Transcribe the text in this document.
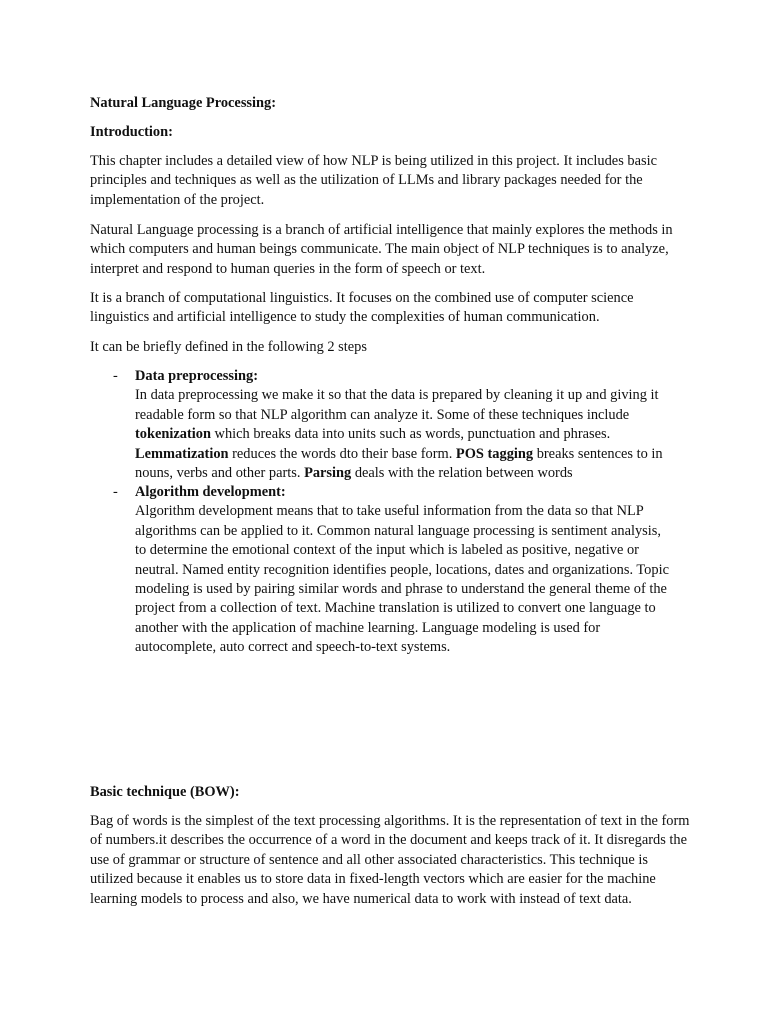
Natural Language Processing:

Introduction:

This chapter includes a detailed view of how NLP is being utilized in this project. It includes basic principles and techniques as well as the utilization of LLMs and library packages needed for the implementation of the project.

Natural Language processing is a branch of artificial intelligence that mainly explores the methods in which computers and human beings communicate. The main object of NLP techniques is to analyze, interpret and respond to human queries in the form of speech or text.

It is a branch of computational linguistics. It focuses on the combined use of computer science linguistics and artificial intelligence to study the complexities of human communication.

It can be briefly defined in the following 2 steps

- Data preprocessing:
In data preprocessing we make it so that the data is prepared by cleaning it up and giving it readable form so that NLP algorithm can analyze it. Some of these techniques include tokenization which breaks data into units such as words, punctuation and phrases. Lemmatization reduces the words dto their base form. POS tagging breaks sentences to in nouns, verbs and other parts. Parsing deals with the relation between words
- Algorithm development:
Algorithm development means that to take useful information from the data so that NLP algorithms can be applied to it. Common natural language processing is sentiment analysis, to determine the emotional context of the input which is labeled as positive, negative or neutral. Named entity recognition identifies people, locations, dates and organizations. Topic modeling is used by pairing similar words and phrase to understand the general theme of the project from a collection of text. Machine translation is utilized to convert one language to another with the application of machine learning. Language modeling is used for autocomplete, auto correct and speech-to-text systems.

Basic technique (BOW):

Bag of words is the simplest of the text processing algorithms. It is the representation of text in the form of numbers.it describes the occurrence of a word in the document and keeps track of it. It disregards the use of grammar or structure of sentence and all other associated characteristics. This technique is utilized because it enables us to store data in fixed-length vectors which are easier for the machine learning models to process and also, we have numerical data to work with instead of text data.
